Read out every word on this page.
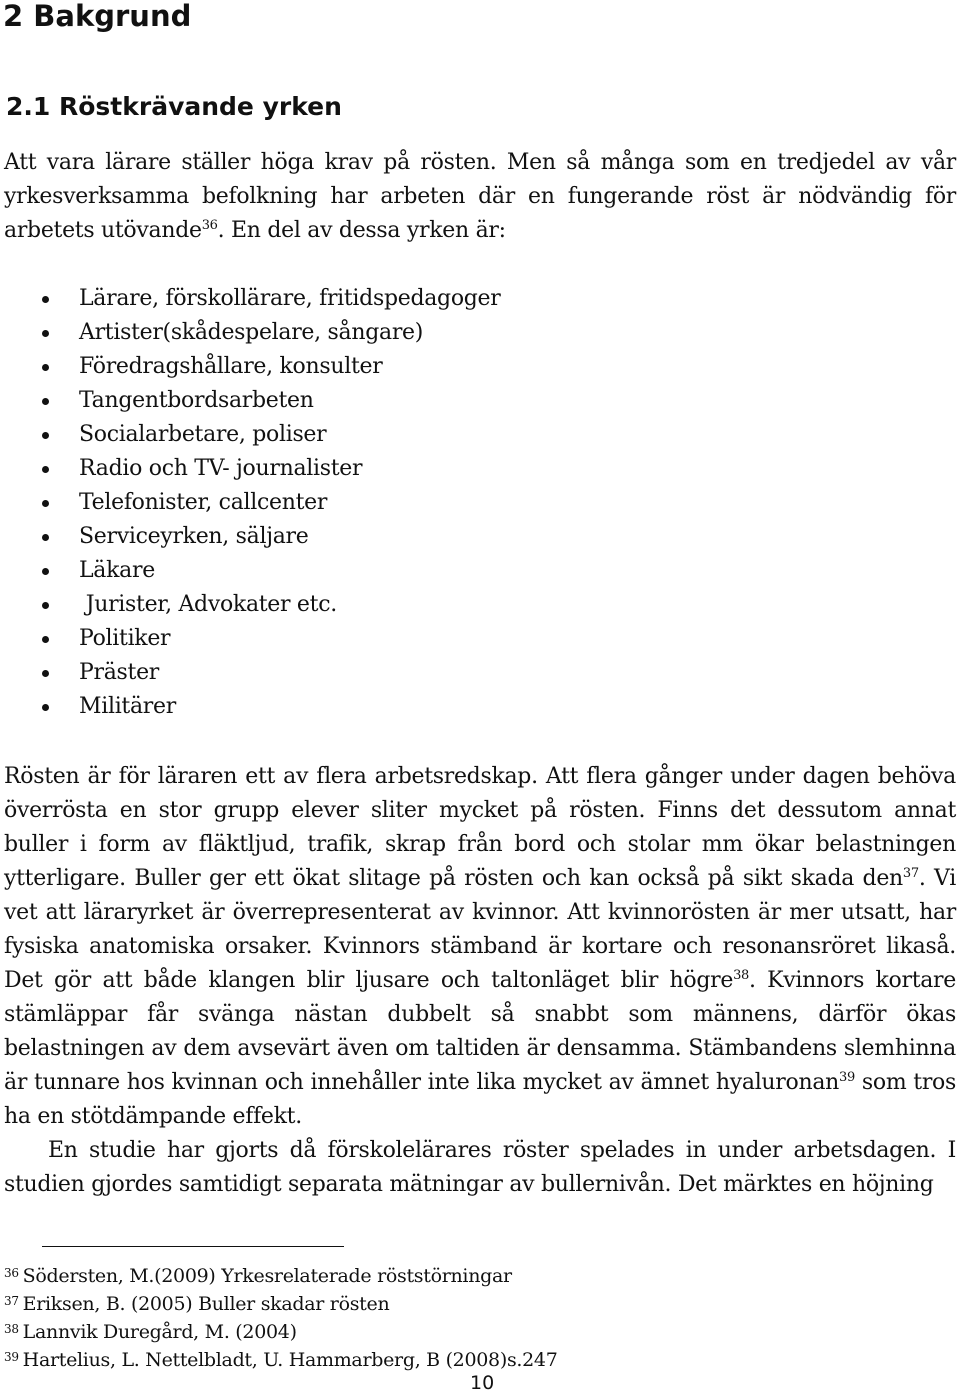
2 Bakgrund
2.1 Röstkrävande yrken

Att vara lärare ställer höga krav på rösten. Men så många som en tredjedel av vår yrkesverksamma befolkning har arbeten där en fungerande röst är nödvändig för arbetets utövande$^{36}$. En del av dessa yrken är:

Lärare, förskollärare, fritidspedagoger
Artister(skådespelare, sångare)
Föredragshållare, konsulter
Tangentbordsarbeten
Socialarbetare, poliser
Radio och TV- journalister
Telefonister, callcenter
Serviceyrken, säljare
Läkare
Jurister, Advokater etc.
Politiker
Präster
Militärer

Rösten är för läraren ett av flera arbetsredskap. Att flera gånger under dagen behöva överrösta en stor grupp elever sliter mycket på rösten. Finns det dessutom annat buller i form av fläktljud, trafik, skrap från bord och stolar mm ökar belastningen ytterligare. Buller ger ett ökat slitage på rösten och kan också på sikt skada den$^{37}$. Vi vet att läraryrket är överrepresenterat av kvinnor. Att kvinnorösten är mer utsatt, har fysiska anatomiska orsaker. Kvinnors stämband är kortare och resonansröret likaså. Det gör att både klangen blir ljusare och taltonläget blir högre$^{38}$. Kvinnors kortare stämläppar får svänga nästan dubbelt så snabbt som männens, därför ökas belastningen av dem avsevärt även om taltiden är densamma. Stämbandens slemhinna är tunnare hos kvinnan och innehåller inte lika mycket av ämnet hyaluronan$^{39}$ som tros ha en stötdämpande effekt.

En studie har gjorts då förskolelärares röster spelades in under arbetsdagen. I studien gjordes samtidigt separata mätningar av bullernivån. Det märktes en höjning

$^{36}$ Södersten, M.(2009) Yrkesrelaterade röststörningar
$^{37}$ Eriksen, B. (2005) Buller skadar rösten
$^{38}$ Lannvik Duregård, M. (2004)
$^{39}$ Hartelius, L. Nettelbladt, U. Hammarberg, B (2008)s.247
10
